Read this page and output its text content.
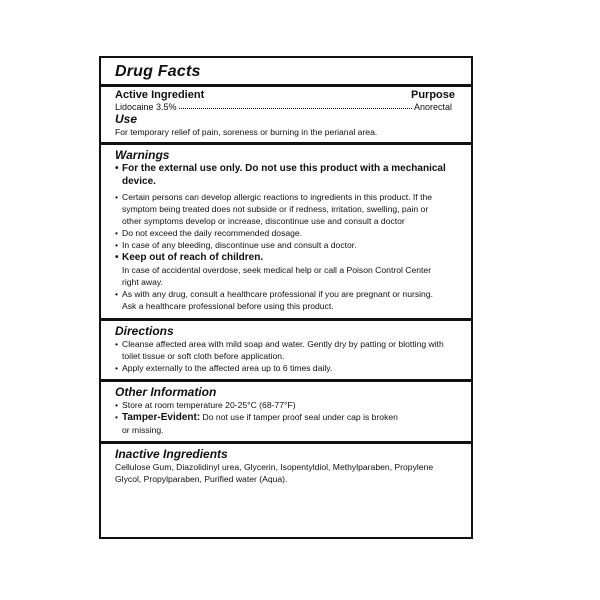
Drug Facts
Active Ingredient	Purpose
Lidocaine 3.5%	Anorectal
Use

For temporary relief of pain, soreness or burning in the perianal area.

Warnings
• For the external use only. Do not use this product with a mechanical
device.
• Certain persons can develop allergic reactions to ingredients in this product. If the
symptom being treated does not subside or if redness, irritation, swelling, pain or
other symptoms develop or increase, discontinue use and consult a doctor
• Do not exceed the daily recommended dosage.
• In case of any bleeding, discontinue use and consult a doctor.
• Keep out of reach of children.
In case of accidental overdose, seek medical help or call a Poison Control Center
right away.
• As with any drug, consult a healthcare professional if you are pregnant or nursing.
Ask a healthcare professional before using this product.
Directions
• Cleanse affected area with mild soap and water. Gently dry by patting or blotting with
toilet tissue or soft cloth before application.
• Apply externally to the affected area up to 6 times daily.
Other Information
• Store at room temperature 20-25°C (68-77°F)
• Tamper-Evident: Do not use if tamper proof seal under cap is broken
or missing.
Inactive Ingredients
Cellulose Gum, Diazolidinyl urea, Glycerin, Isopentyldiol, Methylparaben, Propylene
Glycol, Propylparaben, Purified water (Aqua).
